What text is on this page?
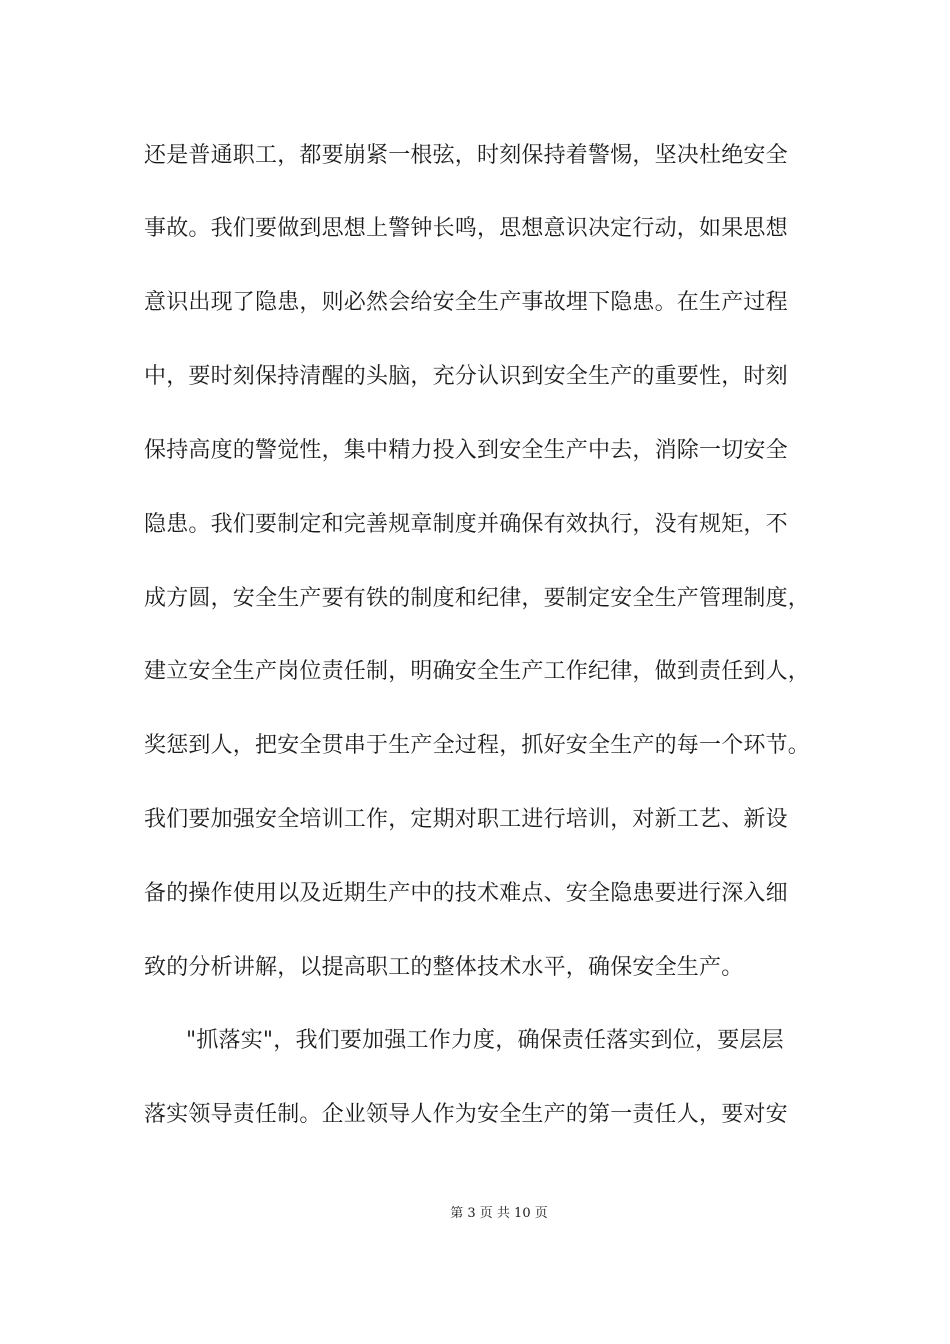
还是普通职工，都要崩紧一根弦，时刻保持着警惕，坚决杜绝安全
事故。我们要做到思想上警钟长鸣，思想意识决定行动，如果思想
意识出现了隐患，则必然会给安全生产事故埋下隐患。在生产过程
中，要时刻保持清醒的头脑，充分认识到安全生产的重要性，时刻
保持高度的警觉性，集中精力投入到安全生产中去，消除一切安全
隐患。我们要制定和完善规章制度并确保有效执行，没有规矩，不
成方圆，安全生产要有铁的制度和纪律，要制定安全生产管理制度，
建立安全生产岗位责任制，明确安全生产工作纪律，做到责任到人，
奖惩到人，把安全贯串于生产全过程，抓好安全生产的每一个环节。
我们要加强安全培训工作，定期对职工进行培训，对新工艺、新设
备的操作使用以及近期生产中的技术难点、安全隐患要进行深入细
致的分析讲解，以提高职工的整体技术水平，确保安全生产。
"抓落实"，我们要加强工作力度，确保责任落实到位，要层层
落实领导责任制。企业领导人作为安全生产的第一责任人，要对安
第 3 页 共 10 页
